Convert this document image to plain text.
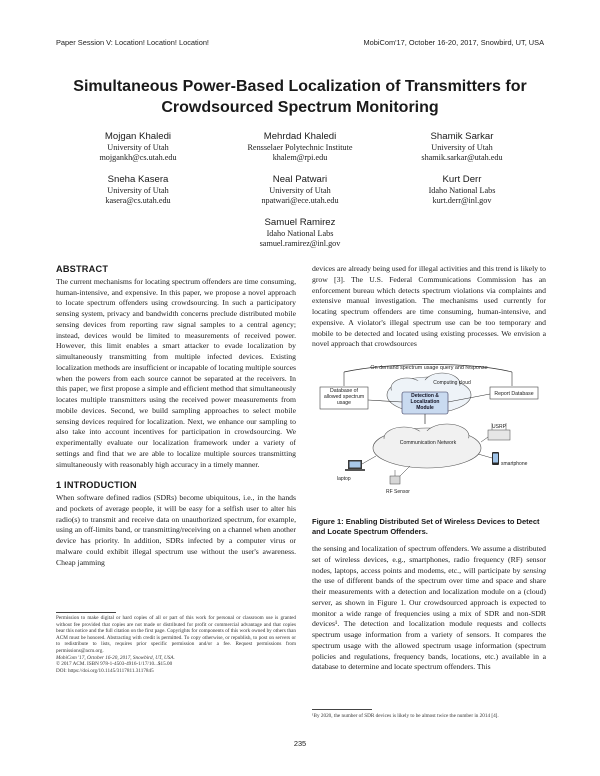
Paper Session V: Location! Location! Location!	MobiCom'17, October 16-20, 2017, Snowbird, UT, USA
Simultaneous Power-Based Localization of Transmitters for
Crowdsourced Spectrum Monitoring
Mojgan Khaledi
University of Utah
mojgankh@cs.utah.edu
Mehrdad Khaledi
Rensselaer Polytechnic Institute
khalem@rpi.edu
Shamik Sarkar
University of Utah
shamik.sarkar@utah.edu
Sneha Kasera
University of Utah
kasera@cs.utah.edu
Neal Patwari
University of Utah
npatwari@ece.utah.edu
Kurt Derr
Idaho National Labs
kurt.derr@inl.gov
Samuel Ramirez
Idaho National Labs
samuel.ramirez@inl.gov
ABSTRACT

The current mechanisms for locating spectrum offenders are time consuming, human-intensive, and expensive. In this paper, we propose a novel approach to locate spectrum offenders using crowdsourcing. In such a participatory sensing system, privacy and bandwidth concerns preclude distributed mobile sensing devices from reporting raw signal samples to a central agency; instead, devices would be limited to measurements of received power. However, this limit enables a smart attacker to evade localization by simultaneously transmitting from multiple infected devices. Existing localization methods are insufficient or incapable of locating multiple sources when the powers from each source cannot be separated at the receivers. In this paper, we first propose a simple and efficient method that simultaneously locates multiple transmitters using the received power measurements from mobile devices. Second, we build sampling approaches to select mobile sensing devices required for localization. Next, we enhance our sampling to also take into account incentives for participation in crowdsourcing. We experimentally evaluate our localization framework under a variety of settings and find that we are able to localize multiple sources transmitting simultaneously with reasonably high accuracy in a timely manner.

1 INTRODUCTION

When software defined radios (SDRs) become ubiquitous, i.e., in the hands and pockets of average people, it will be easy for a selfish user to alter his radio(s) to transmit and receive data on unauthorized spectrum, for example, using an off-limits band, or transmitting/receiving on a channel when another device has priority. In addition, SDRs infected by a computer virus or malware could exhibit illegal spectrum use without the user's awareness. Cheap jamming

Permission to make digital or hard copies of all or part of this work for personal or classroom use is granted without fee provided that copies are not made or distributed for profit or commercial advantage and that copies bear this notice and the full citation on the first page. Copyrights for components of this work owned by others than ACM must be honored. Abstracting with credit is permitted. To copy otherwise, or republish, to post on servers or to redistribute to lists, requires prior specific permission and/or a fee. Request permissions from permissions@acm.org.
MobiCom '17, October 16-20, 2017, Snowbird, UT, USA.
© 2017 ACM. ISBN 978-1-4503-4916-1/17/10...$15.00
DOI: https://doi.org/10.1145/3117811.3117845

devices are already being used for illegal activities and this trend is likely to grow [3]. The U.S. Federal Communications Commission has an enforcement bureau which detects spectrum violations via complaints and extensive manual investigation. The mechanisms used currently for locating spectrum offenders are time consuming, human-intensive, and expensive. A violator's illegal spectrum use can be too temporary and mobile to be detected and located using existing processes. We envision a novel approach that crowdsources

On demand spectrum usage query and response
Database of allowed spectrum usage
Computing cloud
Detection & Localization Module
Report Database
Communication Network
USRP
smartphone
laptop
RF Sensor
Figure 1: Enabling Distributed Set of Wireless Devices to Detect and Locate Spectrum Offenders.

the sensing and localization of spectrum offenders. We assume a distributed set of wireless devices, e.g., smartphones, radio frequency (RF) sensor nodes, laptops, access points and modems, etc., will participate by sensing the use of different bands of the spectrum over time and space and share their measurements with a detection and localization module on a (cloud) server, as shown in Figure 1. Our crowdsourced approach is expected to monitor a wide range of frequencies using a mix of SDR and non-SDR devices¹. The detection and localization module requests and collects spectrum usage information from a variety of sensors. It compares the spectrum usage with the allowed spectrum usage information (spectrum policies and regulations, frequency bands, locations, etc.) available in a database to determine and locate spectrum offenders. This

¹By 2020, the number of SDR devices is likely to be almost twice the number in 2014 [4].
235
